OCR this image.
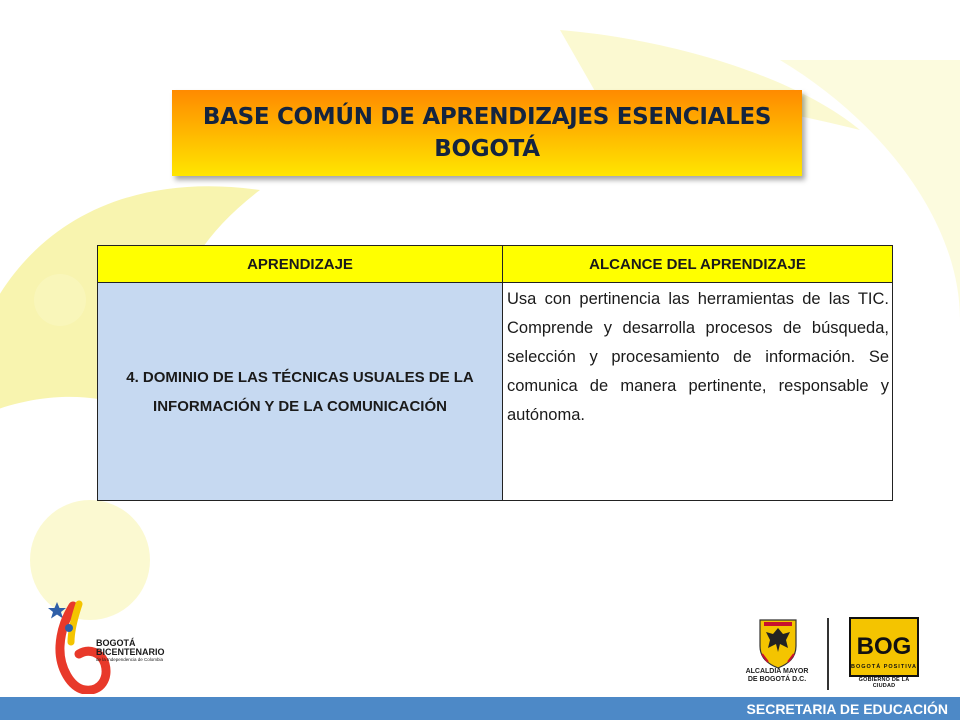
BASE COMÚN DE APRENDIZAJES ESENCIALES
BOGOTÁ
APRENDIZAJE	ALCANCE DEL APRENDIZAJE
4. DOMINIO DE LAS TÉCNICAS USUALES DE LA INFORMACIÓN Y DE LA COMUNICACIÓN	Usa con pertinencia las herramientas de las TIC. Comprende y desarrolla procesos de búsqueda, selección y procesamiento de información. Se comunica de manera pertinente, responsable y autónoma.
BOGOTÁ
BICENTENARIO
de la Independencia de Colombia
ALCALDÍA MAYOR
DE BOGOTÁ D.C.
BOG
BOGOTÁ POSITIVA
GOBIERNO DE LA CIUDAD
SECRETARIA DE EDUCACIÓN
